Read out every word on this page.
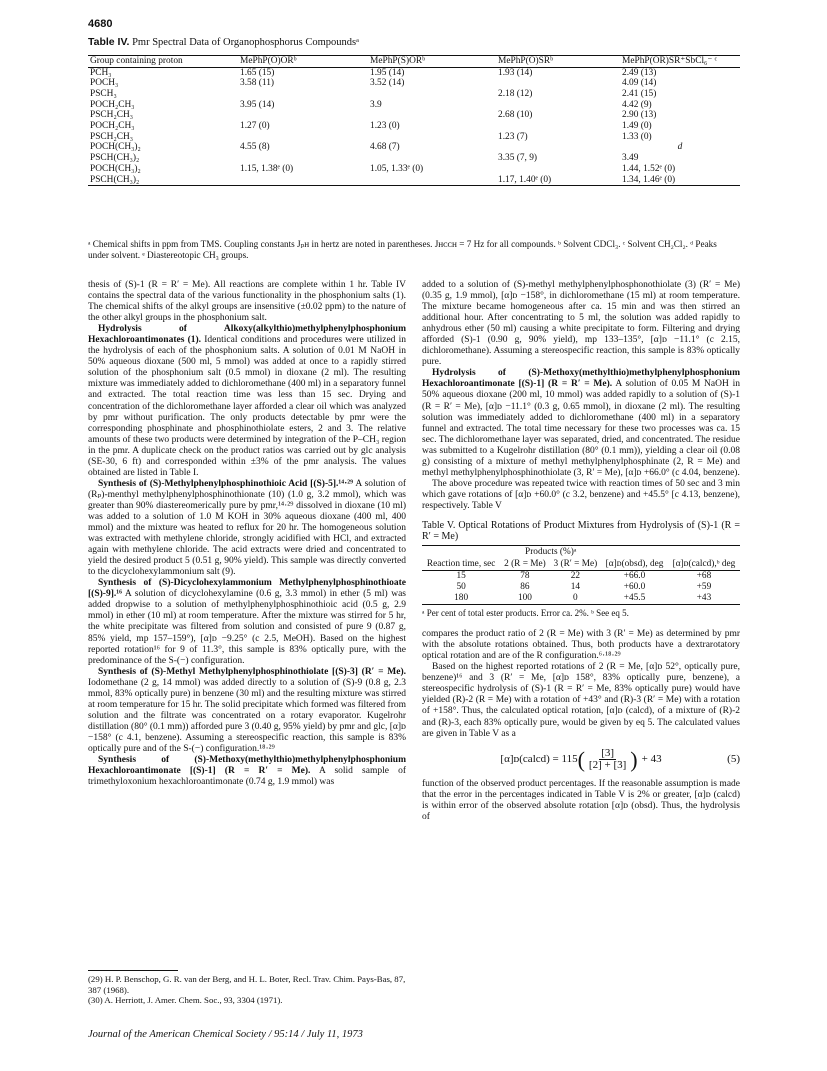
4680
Table IV. Pmr Spectral Data of Organophosphorus Compoundsᵃ
Group containing proton	MePhP(O)ORᵇ	MePhP(S)ORᵇ	MePhP(O)SRᵇ	MePhP(OR)SR⁺SbCl₆⁻ ᶜ
PCH₃	1.65 (15)	1.95 (14)	1.93 (14)	2.49 (13)
POCH₃	3.58 (11)	3.52 (14)		4.09 (14)
PSCH₃			2.18 (12)	2.41 (15)
POCH₂CH₃	3.95 (14)	3.9		4.42 (9)
PSCH₂CH₃			2.68 (10)	2.90 (13)
POCH₂CH₃	1.27 (0)	1.23 (0)		1.49 (0)
PSCH₂CH₃			1.23 (7)	1.33 (0)
POCH(CH₃)₂	4.55 (8)	4.68 (7)		d
PSCH(CH₃)₂			3.35 (7, 9)	3.49
POCH(CH₃)₂	1.15, 1.38ᵉ (0)	1.05, 1.33ᵉ (0)		1.44, 1.52ᵉ (0)
PSCH(CH₃)₂			1.17, 1.40ᵉ (0)	1.34, 1.46ᵉ (0)
ᵃ Chemical shifts in ppm from TMS. Coupling constants Jₚʜ in hertz are noted in parentheses. Jʜᴄᴄʜ = 7 Hz for all compounds. ᵇ Solvent CDCl₃. ᶜ Solvent CH₂Cl₂. ᵈ Peaks under solvent. ᵉ Diastereotopic CH₃ groups.

thesis of (S)-1 (R = R′ = Me). All reactions are complete within 1 hr. Table IV contains the spectral data of the various functionality in the phosphonium salts (1). The chemical shifts of the alkyl groups are insensitive (±0.02 ppm) to the nature of the other alkyl groups in the phosphonium salt.

Hydrolysis of Alkoxy(alkylthio)methylphenylphosphonium Hexachloroantimonates (1). Identical conditions and procedures were utilized in the hydrolysis of each of the phosphonium salts. A solution of 0.01 M NaOH in 50% aqueous dioxane (500 ml, 5 mmol) was added at once to a rapidly stirred solution of the phosphonium salt (0.5 mmol) in dioxane (2 ml). The resulting mixture was immediately added to dichloromethane (400 ml) in a separatory funnel and extracted. The total reaction time was less than 15 sec. Drying and concentration of the dichloromethane layer afforded a clear oil which was analyzed by pmr without purification. The only products detectable by pmr were the corresponding phosphinate and phosphinothiolate esters, 2 and 3. The relative amounts of these two products were determined by integration of the P–CH₃ region in the pmr. A duplicate check on the product ratios was carried out by glc analysis (SE-30, 6 ft) and corresponded within ±3% of the pmr analysis. The values obtained are listed in Table I.

Synthesis of (S)-Methylphenylphosphinothioic Acid [(S)-5].¹⁴·²⁹ A solution of (Rₚ)-menthyl methylphenylphosphinothionate (10) (1.0 g, 3.2 mmol), which was greater than 90% diastereomerically pure by pmr,¹⁴·²⁹ dissolved in dioxane (10 ml) was added to a solution of 1.0 M KOH in 30% aqueous dioxane (400 ml, 400 mmol) and the mixture was heated to reflux for 20 hr. The homogeneous solution was extracted with methylene chloride, strongly acidified with HCl, and extracted again with methylene chloride. The acid extracts were dried and concentrated to yield the desired product 5 (0.51 g, 90% yield). This sample was directly converted to the dicyclohexylammonium salt (9).

Synthesis of (S)-Dicyclohexylammonium Methylphenylphosphinothioate [(S)-9].¹⁶ A solution of dicyclohexylamine (0.6 g, 3.3 mmol) in ether (5 ml) was added dropwise to a solution of methylphenylphosphinothioic acid (0.5 g, 2.9 mmol) in ether (10 ml) at room temperature. After the mixture was stirred for 5 hr, the white precipitate was filtered from solution and consisted of pure 9 (0.87 g, 85% yield, mp 157–159°), [α]ᴅ −9.25° (c 2.5, MeOH). Based on the highest reported rotation¹⁶ for 9 of 11.3°, this sample is 83% optically pure, with the predominance of the S-(−) configuration.

Synthesis of (S)-Methyl Methylphenylphosphinothiolate [(S)-3] (R′ = Me). Iodomethane (2 g, 14 mmol) was added directly to a solution of (S)-9 (0.8 g, 2.3 mmol, 83% optically pure) in benzene (30 ml) and the resulting mixture was stirred at room temperature for 15 hr. The solid precipitate which formed was filtered from solution and the filtrate was concentrated on a rotary evaporator. Kugelrohr distillation (80° (0.1 mm)) afforded pure 3 (0.40 g, 95% yield) by pmr and glc, [α]ᴅ −158° (c 4.1, benzene). Assuming a stereospecific reaction, this sample is 83% optically pure and of the S-(−) configuration.¹⁸·²⁹

Synthesis of (S)-Methoxy(methylthio)methylphenylphosphonium Hexachloroantimonate [(S)-1] (R = R′ = Me). A solid sample of trimethyloxonium hexachloroantimonate (0.74 g, 1.9 mmol) was

added to a solution of (S)-methyl methylphenylphosphonothiolate (3) (R′ = Me) (0.35 g, 1.9 mmol), [α]ᴅ −158°, in dichloromethane (15 ml) at room temperature. The mixture became homogeneous after ca. 15 min and was then stirred an additional hour. After concentrating to 5 ml, the solution was added rapidly to anhydrous ether (50 ml) causing a white precipitate to form. Filtering and drying afforded (S)-1 (0.90 g, 90% yield), mp 133–135°, [α]ᴅ −11.1° (c 2.15, dichloromethane). Assuming a stereospecific reaction, this sample is 83% optically pure.

Hydrolysis of (S)-Methoxy(methylthio)methylphenylphosphonium Hexachloroantimonate [(S)-1] (R = R′ = Me). A solution of 0.05 M NaOH in 50% aqueous dioxane (200 ml, 10 mmol) was added rapidly to a solution of (S)-1 (R = R′ = Me), [α]ᴅ −11.1° (0.3 g, 0.65 mmol), in dioxane (2 ml). The resulting solution was immediately added to dichloromethane (400 ml) in a separatory funnel and extracted. The total time necessary for these two processes was ca. 15 sec. The dichloromethane layer was separated, dried, and concentrated. The residue was submitted to a Kugelrohr distillation (80° (0.1 mm)), yielding a clear oil (0.08 g) consisting of a mixture of methyl methylphenylphosphinate (2, R = Me) and methyl methylphenylphosphinothiolate (3, R′ = Me), [α]ᴅ +66.0° (c 4.04, benzene).

The above procedure was repeated twice with reaction times of 50 sec and 3 min which gave rotations of [α]ᴅ +60.0° (c 3.2, benzene) and +45.5° [c 4.13, benzene), respectively. Table V

Table V. Optical Rotations of Product Mixtures from Hydrolysis of (S)-1 (R = R′ = Me)
	Products (%)ᵃ			
Reaction time, sec	2 (R = Me)	3 (R′ = Me)	[α]ᴅ(obsd), deg	[α]ᴅ(calcd),ᵇ deg
15	78	22	+66.0	+68
50	86	14	+60.0	+59
180	100	0	+45.5	+43
ᵃ Per cent of total ester products. Error ca. 2%. ᵇ See eq 5.

compares the product ratio of 2 (R = Me) with 3 (R′ = Me) as determined by pmr with the absolute rotations obtained. Thus, both products have a dextrarotatory optical rotation and are of the R configuration.⁶·¹⁸·²⁹

Based on the highest reported rotations of 2 (R = Me, [α]ᴅ 52°, optically pure, benzene)¹⁶ and 3 (R′ = Me, [α]ᴅ 158°, 83% optically pure, benzene), a stereospecific hydrolysis of (S)-1 (R = R′ = Me, 83% optically pure) would have yielded (R)-2 (R = Me) with a rotation of +43° and (R)-3 (R′ = Me) with a rotation of +158°. Thus, the calculated optical rotation, [α]ᴅ (calcd), of a mixture of (R)-2 and (R)-3, each 83% optically pure, would be given by eq 5. The calculated values are given in Table V as a

[α]ᴅ(calcd) = 115 ( $\frac{[3]}{[2] + [3]}$ ) + 43	(5)

function of the observed product percentages. If the reasonable assumption is made that the error in the percentages indicated in Table V is 2% or greater, [α]ᴅ (calcd) is within error of the observed absolute rotation [α]ᴅ (obsd). Thus, the hydrolysis of

(29) H. P. Benschop, G. R. van der Berg, and H. L. Boter, Recl. Trav. Chim. Pays-Bas, 87, 387 (1968).
(30) A. Herriott, J. Amer. Chem. Soc., 93, 3304 (1971).
Journal of the American Chemical Society / 95:14 / July 11, 1973
